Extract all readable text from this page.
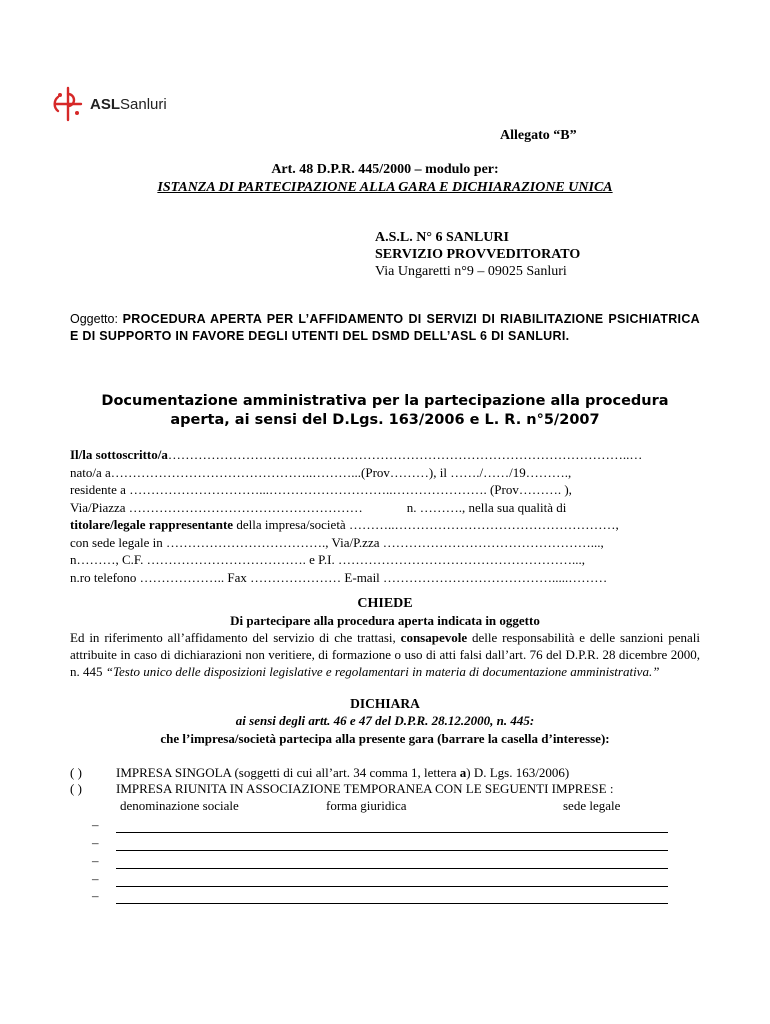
ASLSanluri
Allegato “B”
Art. 48 D.P.R. 445/2000 – modulo per:
ISTANZA DI PARTECIPAZIONE ALLA GARA E DICHIARAZIONE UNICA
A.S.L. N° 6 SANLURI
SERVIZIO PROVVEDITORATO
Via Ungaretti n°9 – 09025 Sanluri
Oggetto: PROCEDURA APERTA PER L’AFFIDAMENTO DI SERVIZI DI RIABILITAZIONE PSICHIATRICA E DI SUPPORTO IN FAVORE DEGLI UTENTI DEL DSMD DELL’ASL 6 DI SANLURI.
Documentazione amministrativa per la partecipazione alla procedura aperta, ai sensi del D.Lgs. 163/2006 e L. R. n°5/2007
Il/la sottoscritto/a……………………………………………………………………………………………..…
nato/a a………………………………………..………...(Prov………), il ……./……/19……….,
residente a …………………………...………………………..…………………. (Prov………. ),
Via/Piazza ………………………………………………	n. ………., nella sua qualità di
titolare/legale rappresentante della impresa/società ………..……………………………………………,
con sede legale in ………………………………., Via/P.zza …………………………………………...,
n………, C.F. ………………………………. e P.I. ………………………………………………...,
n.ro telefono ……………….. Fax ………………… E-mail ………………………………….....………
CHIEDE
Di partecipare alla procedura aperta indicata in oggetto
Ed in riferimento all’affidamento del servizio di che trattasi, consapevole delle responsabilità e delle sanzioni penali attribuite in caso di dichiarazioni non veritiere, di formazione o uso di atti falsi dall’art. 76 del D.P.R. 28 dicembre 2000, n. 445 “Testo unico delle disposizioni legislative e regolamentari in materia di documentazione amministrativa.”
DICHIARA
ai sensi degli artt. 46 e 47 del D.P.R. 28.12.2000, n. 445:
che l’impresa/società partecipa alla presente gara (barrare la casella d’interesse):
( )	IMPRESA SINGOLA (soggetti di cui all’art. 34 comma 1, lettera a) D. Lgs. 163/2006)
( )	IMPRESA RIUNITA IN ASSOCIAZIONE TEMPORANEA CON LE SEGUENTI IMPRESE :
denominazione sociale	forma giuridica	sede legale
–
–
–
–
–
